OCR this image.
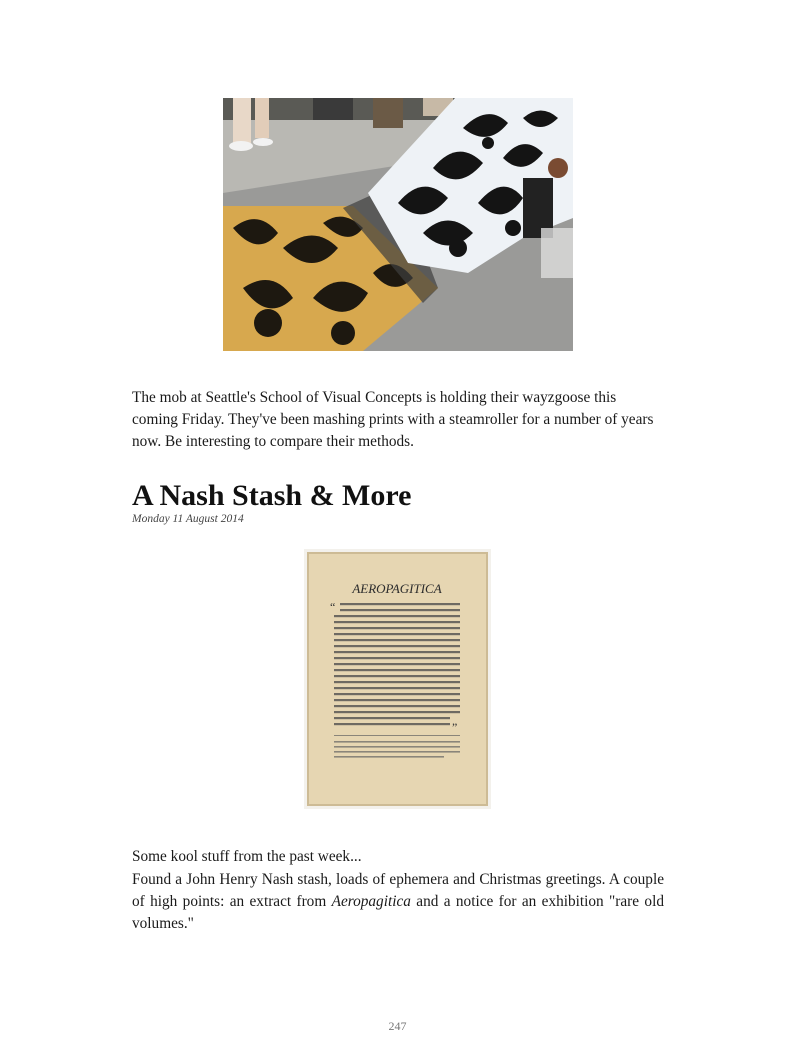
The mob at Seattle's School of Visual Concepts is holding their wayzgoose this coming Friday. They've been mashing prints with a steamroller for a number of years now. Be interesting to compare their methods.

A Nash Stash & More
Monday 11 August 2014
AEROPAGITICA
“
”

Some kool stuff from the past week...

Found a John Henry Nash stash, loads of ephemera and Christmas greetings. A couple of high points: an extract from Aeropagitica and a notice for an exhibition "rare old volumes."

247
